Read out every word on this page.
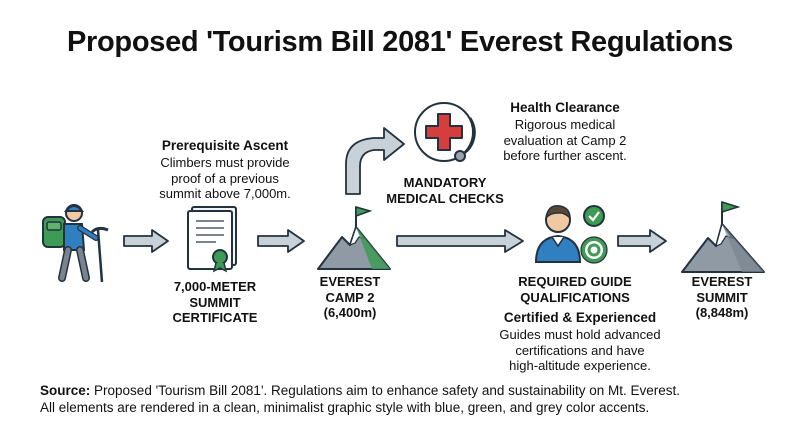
Proposed 'Tourism Bill 2081' Everest Regulations
Prerequisite Ascent
Climbers must provide
proof of a previous
summit above 7,000m.
7,000-METER
SUMMIT
CERTIFICATE
EVEREST
CAMP 2
(6,400m)
Health Clearance
Rigorous medical
evaluation at Camp 2
before further ascent.
MANDATORY
MEDICAL CHECKS
REQUIRED GUIDE
QUALIFICATIONS
Certified & Experienced
Guides must hold advanced
certifications and have
high-altitude experience.
EVEREST
SUMMIT
(8,848m)
Source: Proposed 'Tourism Bill 2081'. Regulations aim to enhance safety and sustainability on Mt. Everest.
All elements are rendered in a clean, minimalist graphic style with blue, green, and grey color accents.
